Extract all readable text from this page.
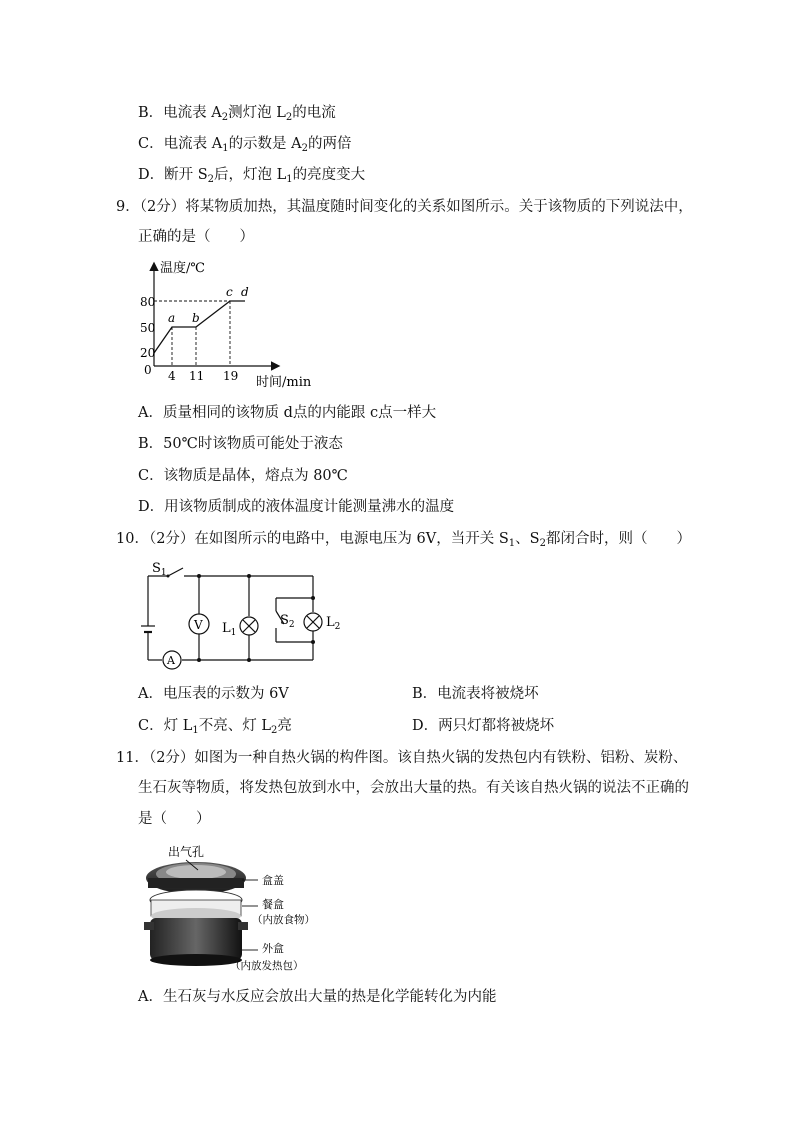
B．电流表 $A_2$测灯泡 $L_2$的电流
C．电流表 $A_1$的示数是 $A_2$的两倍
D．断开 $S_2$后，灯泡 $L_1$的亮度变大
9．（2分）将某物质加热，其温度随时间变化的关系如图所示。关于该物质的下列说法中，
正确的是（　　）
温度/℃
80
50
20
0 4 11 19 时间/min
a b
c d
A．质量相同的该物质 d点的内能跟 c点一样大
B．50℃时该物质可能处于液态
C．该物质是晶体，熔点为 80℃
D．用该物质制成的液体温度计能测量沸水的温度
10．（2分）在如图所示的电路中，电源电压为 6V，当开关 $S_1$、$S_2$都闭合时，则（　　）
$S_1$
V
A
$L_1$
$S_2$ $L_2$
A．电压表的示数为 6V	B．电流表将被烧坏
C．灯 $L_1$不亮、灯 $L_2$亮	D．两只灯都将被烧坏
11．（2分）如图为一种自热火锅的构件图。该自热火锅的发热包内有铁粉、铝粉、炭粉、
生石灰等物质，将发热包放到水中，会放出大量的热。有关该自热火锅的说法不正确的
是（　　）
出气孔
盒盖
餐盒
（内放食物）
外盒
（内放发热包）
A．生石灰与水反应会放出大量的热是化学能转化为内能
